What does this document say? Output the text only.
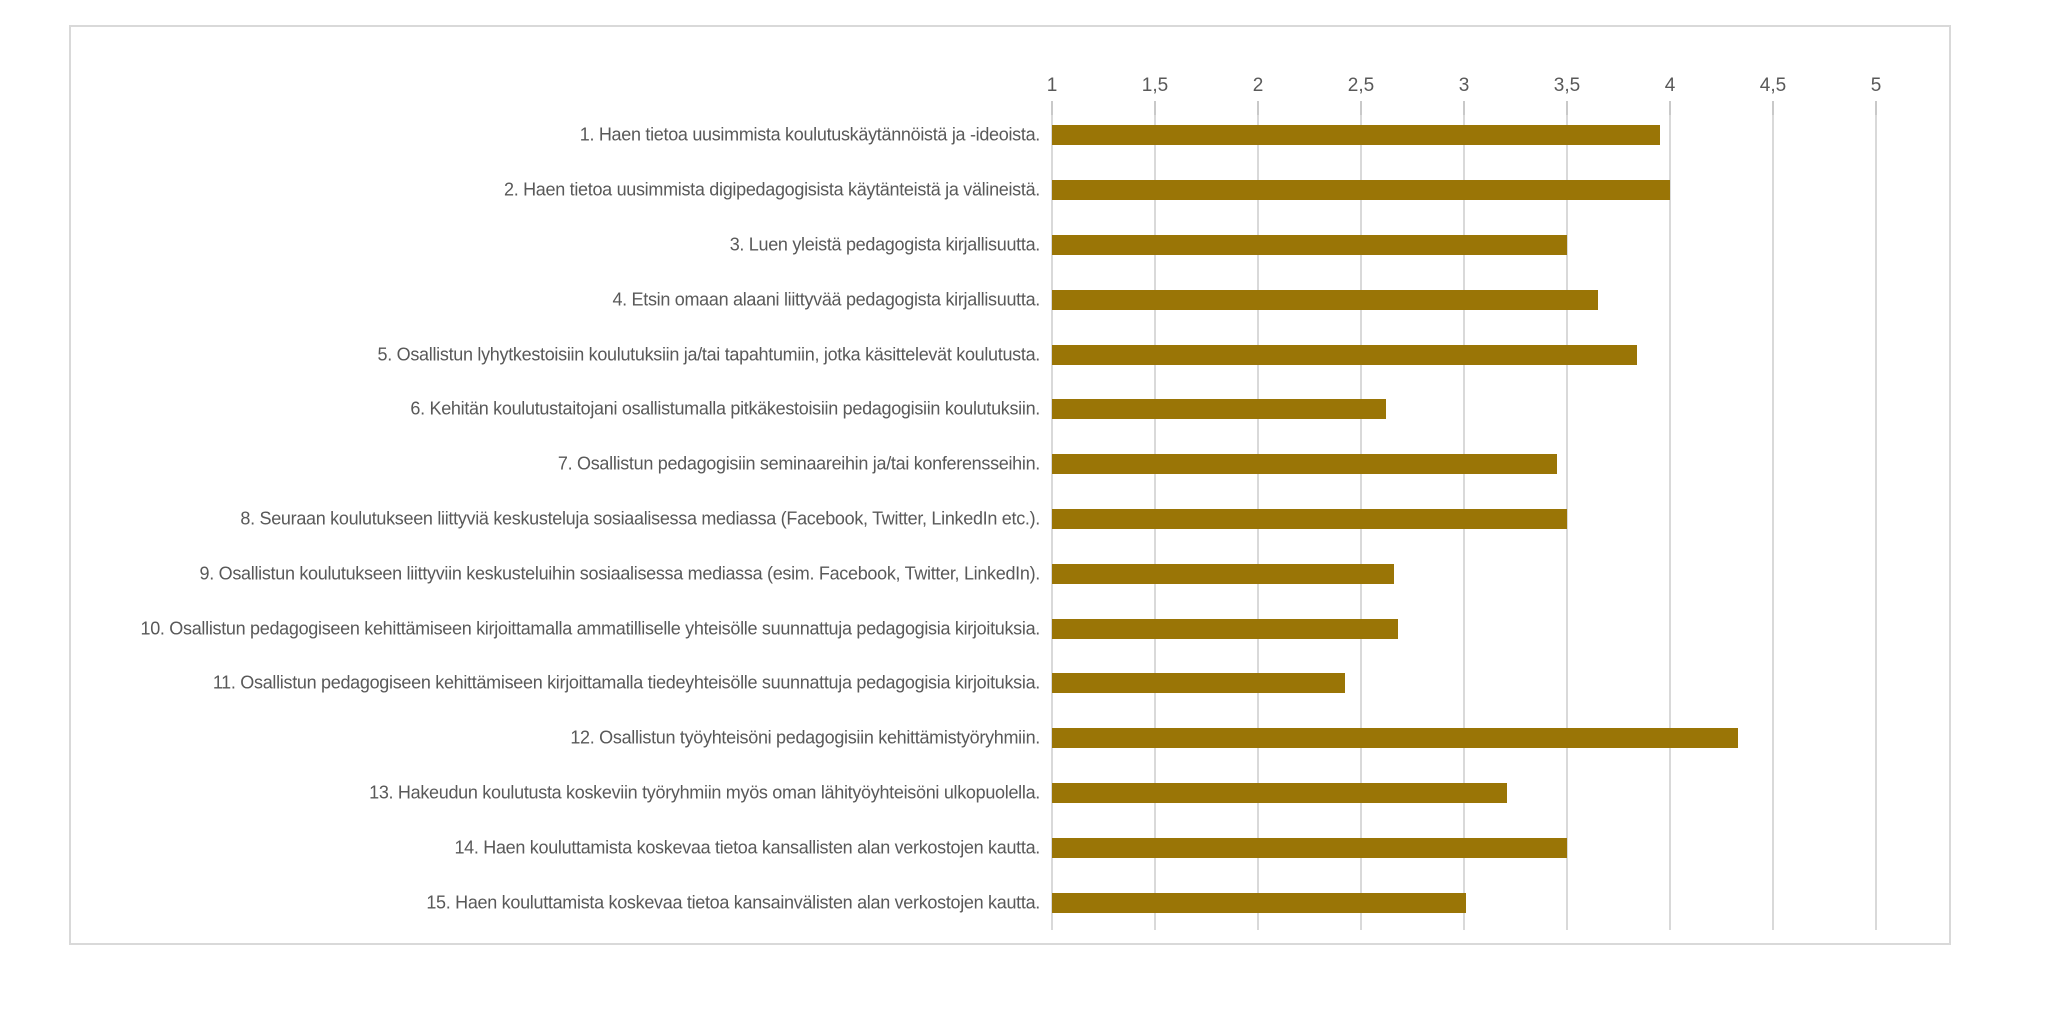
1	1,5	2	2,5	3	3,5	4	4,5	5
1. Haen tietoa uusimmista koulutuskäytännöistä ja -ideoista.
2. Haen tietoa uusimmista digipedagogisista käytänteistä ja välineistä.
3. Luen yleistä pedagogista kirjallisuutta.
4. Etsin omaan alaani liittyvää pedagogista kirjallisuutta.
5. Osallistun lyhytkestoisiin koulutuksiin ja/tai tapahtumiin, jotka käsittelevät koulutusta.
6. Kehitän koulutustaitojani osallistumalla pitkäkestoisiin pedagogisiin koulutuksiin.
7. Osallistun pedagogisiin seminaareihin ja/tai konferensseihin.
8. Seuraan koulutukseen liittyviä keskusteluja sosiaalisessa mediassa (Facebook, Twitter, LinkedIn etc.).
9. Osallistun koulutukseen liittyviin keskusteluihin sosiaalisessa mediassa (esim. Facebook, Twitter, LinkedIn).
10. Osallistun pedagogiseen kehittämiseen kirjoittamalla ammatilliselle yhteisölle suunnattuja pedagogisia kirjoituksia.
11. Osallistun pedagogiseen kehittämiseen kirjoittamalla tiedeyhteisölle suunnattuja pedagogisia kirjoituksia.
12. Osallistun työyhteisöni pedagogisiin kehittämistyöryhmiin.
13. Hakeudun koulutusta koskeviin työryhmiin myös oman lähityöyhteisöni ulkopuolella.
14. Haen kouluttamista koskevaa tietoa kansallisten alan verkostojen kautta.
15. Haen kouluttamista koskevaa tietoa kansainvälisten alan verkostojen kautta.
